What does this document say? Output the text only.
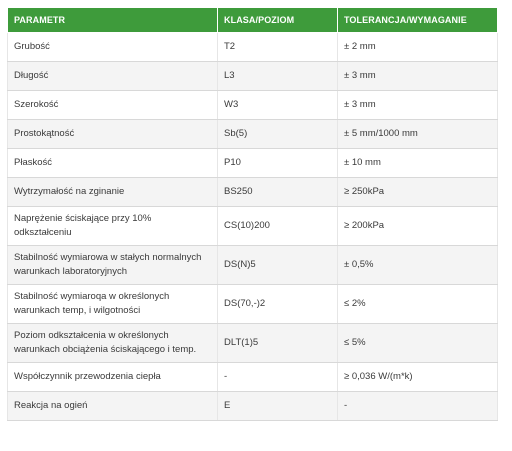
PARAMETR	KLASA/POZIOM	TOLERANCJA/WYMAGANIE
Grubość	T2	± 2 mm
Długość	L3	± 3 mm
Szerokość	W3	± 3 mm
Prostokątność	Sb(5)	± 5 mm/1000 mm
Płaskość	P10	± 10 mm
Wytrzymałość na zginanie	BS250	≥ 250kPa
Naprężenie ściskające przy 10%
odkształceniu	CS(10)200	≥ 200kPa
Stabilność wymiarowa w stałych normalnych
warunkach laboratoryjnych	DS(N)5	± 0,5%
Stabilność wymiaroqa w określonych
warunkach temp, i wilgotności	DS(70,-)2	≤ 2%
Poziom odkształcenia w określonych
warunkach obciążenia ściskającego i temp.	DLT(1)5	≤ 5%
Współczynnik przewodzenia ciepła	-	≥ 0,036 W/(m*k)
Reakcja na ogień	E	-
